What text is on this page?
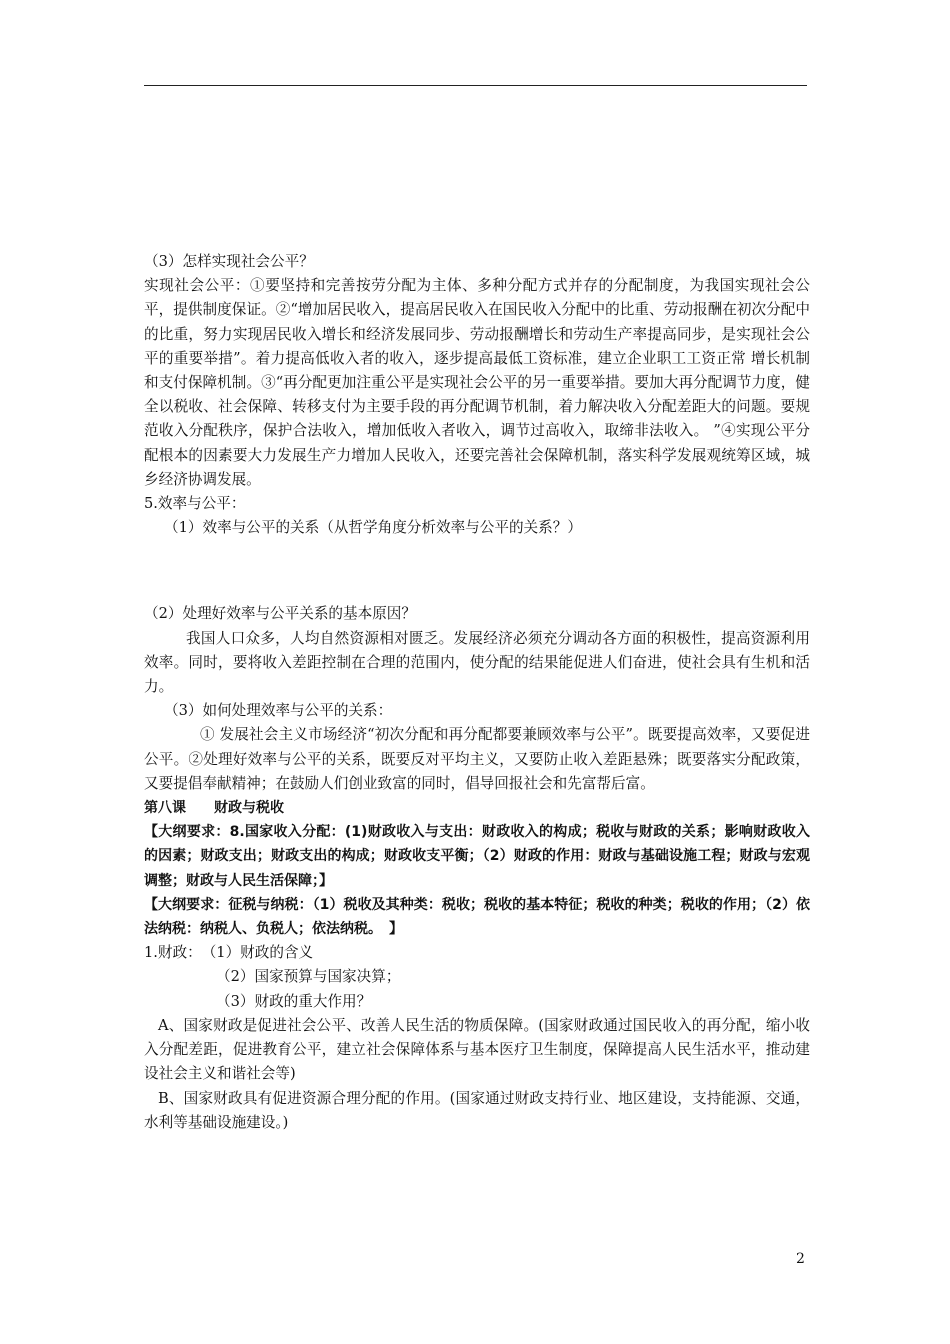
（3）怎样实现社会公平？

实现社会公平：①要坚持和完善按劳分配为主体、多种分配方式并存的分配制度，为我国实现社会公平，提供制度保证。②“增加居民收入，提高居民收入在国民收入分配中的比重、劳动报酬在初次分配中的比重，努力实现居民收入增长和经济发展同步、劳动报酬增长和劳动生产率提高同步，是实现社会公平的重要举措”。着力提高低收入者的收入，逐步提高最低工资标准，建立企业职工工资正常 增长机制和支付保障机制。③“再分配更加注重公平是实现社会公平的另一重要举措。要加大再分配调节力度，健全以税收、社会保障、转移支付为主要手段的再分配调节机制，着力解决收入分配差距大的问题。要规范收入分配秩序，保护合法收入，增加低收入者收入，调节过高收入，取缔非法收入。 ”④实现公平分配根本的因素要大力发展生产力增加人民收入，还要完善社会保障机制，落实科学发展观统筹区域，城乡经济协调发展。

5.效率与公平：

（1）效率与公平的关系（从哲学角度分析效率与公平的关系？）

（2）处理好效率与公平关系的基本原因？

我国人口众多，人均自然资源相对匮乏。发展经济必须充分调动各方面的积极性，提高资源利用效率。同时，要将收入差距控制在合理的范围内，使分配的结果能促进人们奋进，使社会具有生机和活力。

（3）如何处理效率与公平的关系：

① 发展社会主义市场经济“初次分配和再分配都要兼顾效率与公平”。既要提高效率，又要促进公平。②处理好效率与公平的关系，既要反对平均主义，又要防止收入差距悬殊；既要落实分配政策，又要提倡奉献精神；在鼓励人们创业致富的同时，倡导回报社会和先富帮后富。

第八课　　财政与税收

【大纲要求：8.国家收入分配：(1)财政收入与支出：财政收入的构成；税收与财政的关系；影响财政收入的因素；财政支出；财政支出的构成；财政收支平衡；（2）财政的作用：财政与基础设施工程；财政与宏观调整；财政与人民生活保障；】

【大纲要求：征税与纳税：（1）税收及其种类：税收；税收的基本特征；税收的种类；税收的作用；（2）依法纳税：纳税人、负税人；依法纳税。　】

1.财政：　（1）财政的含义

（2）国家预算与国家决算；

（3）财政的重大作用？

A、国家财政是促进社会公平、改善人民生活的物质保障。(国家财政通过国民收入的再分配，缩小收入分配差距，促进教育公平，建立社会保障体系与基本医疗卫生制度，保障提高人民生活水平，推动建设社会主义和谐社会等)

B、国家财政具有促进资源合理分配的作用。(国家通过财政支持行业、地区建设，支持能源、交通，水利等基础设施建设。)

2
